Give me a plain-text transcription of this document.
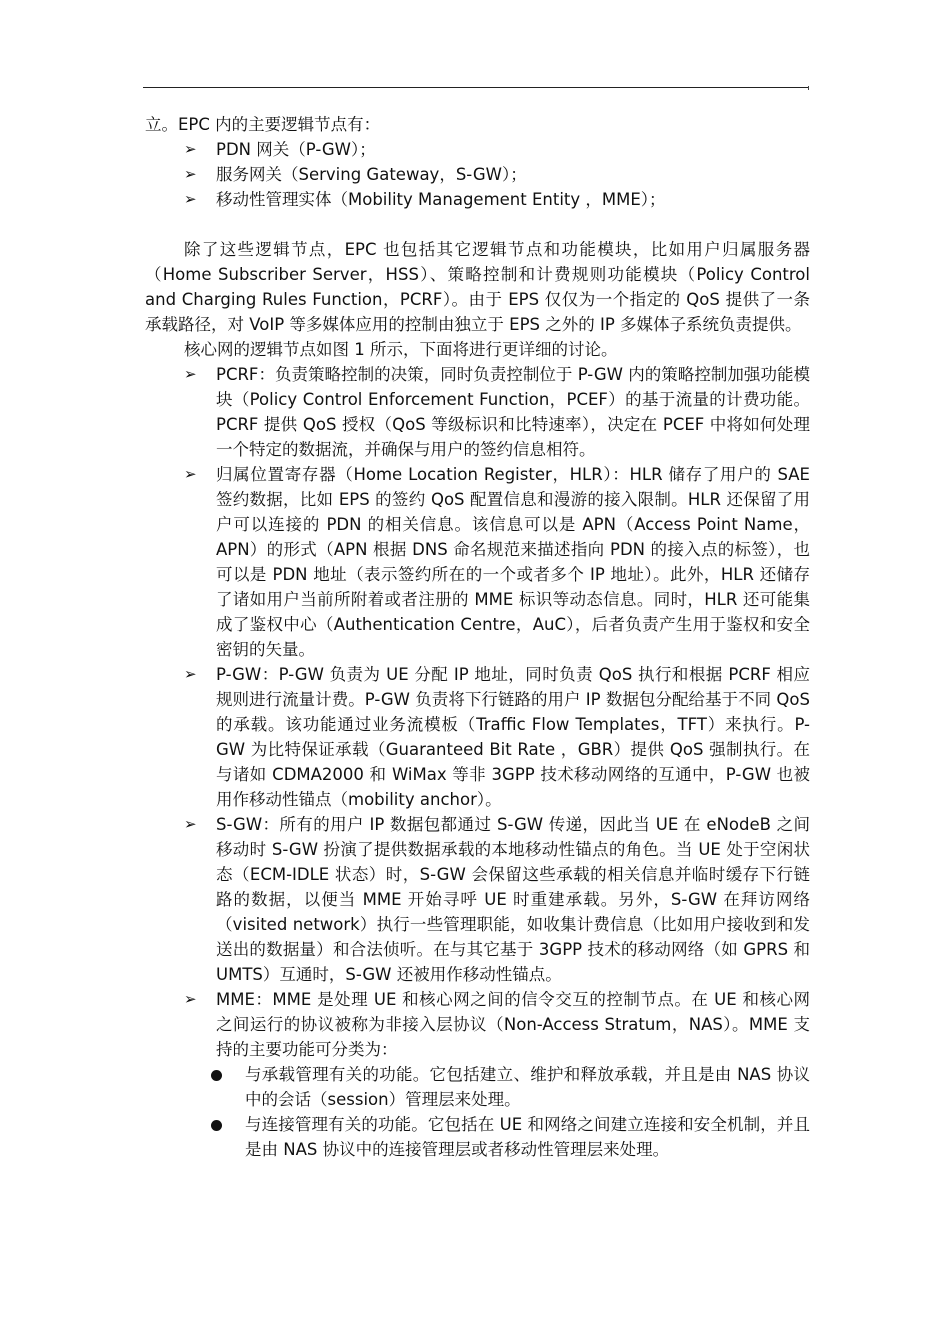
立。EPC 内的主要逻辑节点有：

➢	PDN 网关（P-GW）；
➢	服务网关（Serving Gateway，S-GW）；
➢	移动性管理实体（Mobility Management Entity ，MME）；

除了这些逻辑节点，EPC 也包括其它逻辑节点和功能模块，比如用户归属服务器（Home Subscriber Server，HSS）、策略控制和计费规则功能模块（Policy Control and Charging Rules Function，PCRF）。由于 EPS 仅仅为一个指定的 QoS 提供了一条承载路径，对 VoIP 等多媒体应用的控制由独立于 EPS 之外的 IP 多媒体子系统负责提供。

核心网的逻辑节点如图 1 所示，下面将进行更详细的讨论。

➢	PCRF：负责策略控制的决策，同时负责控制位于 P-GW 内的策略控制加强功能模块（Policy Control Enforcement Function，PCEF）的基于流量的计费功能。PCRF 提供 QoS 授权（QoS 等级标识和比特速率），决定在 PCEF 中将如何处理一个特定的数据流，并确保与用户的签约信息相符。
➢	归属位置寄存器（Home Location Register，HLR）：HLR 储存了用户的 SAE 签约数据，比如 EPS 的签约 QoS 配置信息和漫游的接入限制。HLR 还保留了用户可以连接的 PDN 的相关信息。该信息可以是 APN（Access Point Name，APN）的形式（APN 根据 DNS 命名规范来描述指向 PDN 的接入点的标签），也可以是 PDN 地址（表示签约所在的一个或者多个 IP 地址）。此外，HLR 还储存了诸如用户当前所附着或者注册的 MME 标识等动态信息。同时，HLR 还可能集成了鉴权中心（Authentication Centre，AuC），后者负责产生用于鉴权和安全密钥的矢量。
➢	P-GW：P-GW 负责为 UE 分配 IP 地址，同时负责 QoS 执行和根据 PCRF 相应规则进行流量计费。P-GW 负责将下行链路的用户 IP 数据包分配给基于不同 QoS 的承载。该功能通过业务流模板（Traffic Flow Templates，TFT）来执行。P-GW 为比特保证承载（Guaranteed Bit Rate ，GBR）提供 QoS 强制执行。在与诸如 CDMA2000 和 WiMax 等非 3GPP 技术移动网络的互通中，P-GW 也被用作移动性锚点（mobility anchor）。
➢	S-GW：所有的用户 IP 数据包都通过 S-GW 传递，因此当 UE 在 eNodeB 之间移动时 S-GW 扮演了提供数据承载的本地移动性锚点的角色。当 UE 处于空闲状态（ECM-IDLE 状态）时，S-GW 会保留这些承载的相关信息并临时缓存下行链路的数据，以便当 MME 开始寻呼 UE 时重建承载。另外，S-GW 在拜访网络（visited network）执行一些管理职能，如收集计费信息（比如用户接收到和发送出的数据量）和合法侦听。在与其它基于 3GPP 技术的移动网络（如 GPRS 和 UMTS）互通时，S-GW 还被用作移动性锚点。
➢	MME：MME 是处理 UE 和核心网之间的信令交互的控制节点。在 UE 和核心网之间运行的协议被称为非接入层协议（Non-Access Stratum，NAS）。MME 支持的主要功能可分类为：
与承载管理有关的功能。它包括建立、维护和释放承载，并且是由 NAS 协议中的会话（session）管理层来处理。
与连接管理有关的功能。它包括在 UE 和网络之间建立连接和安全机制，并且是由 NAS 协议中的连接管理层或者移动性管理层来处理。
